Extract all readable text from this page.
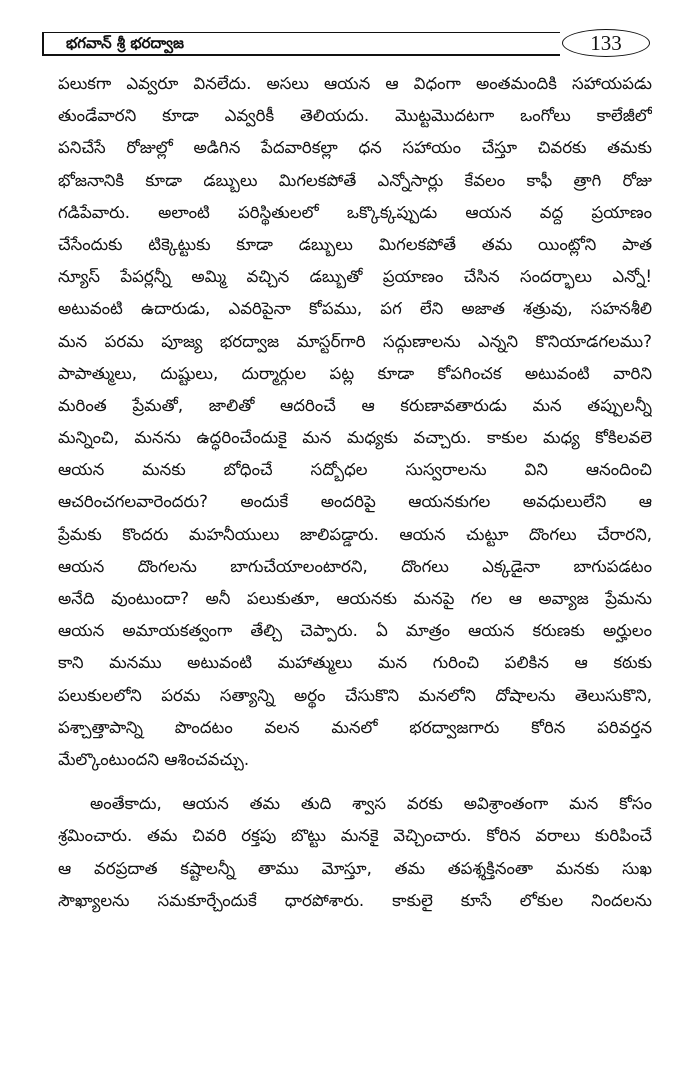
భగవాన్ శ్రీ భరద్వాజ	133
పలుకగా ఎవ్వరూ వినలేదు. అసలు ఆయన ఆ విధంగా అంతమందికి సహాయపడు
తుండేవారని కూడా ఎవ్వరికీ తెలియదు. మొట్టమొదటగా ఒంగోలు కాలేజీలో
పనిచేసే రోజుల్లో అడిగిన పేదవారికల్లా ధన సహాయం చేస్తూ చివరకు తమకు
భోజనానికి కూడా డబ్బులు మిగలకపోతే ఎన్నోసార్లు కేవలం కాఫీ త్రాగి రోజు
గడిపేవారు. అలాంటి పరిస్థితులలో ఒక్కొక్కప్పుడు ఆయన వద్ద ప్రయాణం
చేసేందుకు టిక్కెట్టుకు కూడా డబ్బులు మిగలకపోతే తమ యింట్లోని పాత
న్యూస్ పేపర్లన్నీ అమ్మి వచ్చిన డబ్బుతో ప్రయాణం చేసిన సందర్భాలు ఎన్నో!
అటువంటి ఉదారుడు, ఎవరిపైనా కోపము, పగ లేని అజాత శత్రువు, సహనశీలి
మన పరమ పూజ్య భరద్వాజ మాస్టర్‌గారి సద్గుణాలను ఎన్నని కొనియాడగలము?
పాపాత్ములు, దుష్టులు, దుర్మార్గుల పట్ల కూడా కోపగించక అటువంటి వారిని
మరింత ప్రేమతో, జాలితో ఆదరించే ఆ కరుణావతారుడు మన తప్పులన్నీ
మన్నించి, మనను ఉద్ధరించేందుకై మన మధ్యకు వచ్చారు. కాకుల మధ్య కోకిలవలె
ఆయన మనకు బోధించే సద్బోధల సుస్వరాలను విని ఆనందించి
ఆచరించగలవారెందరు? అందుకే అందరిపై ఆయనకుగల అవధులులేని ఆ
ప్రేమకు కొందరు మహనీయులు జాలిపడ్డారు. ఆయన చుట్టూ దొంగలు చేరారని,
ఆయన దొంగలను బాగుచేయాలంటారని, దొంగలు ఎక్కడైనా బాగుపడటం
అనేది వుంటుందా? అనీ పలుకుతూ, ఆయనకు మనపై గల ఆ అవ్యాజ ప్రేమను
ఆయన అమాయకత్వంగా తేల్చి చెప్పారు. ఏ మాత్రం ఆయన కరుణకు అర్హులం
కాని మనము అటువంటి మహాత్ములు మన గురించి పలికిన ఆ కఠుకు
పలుకులలోని పరమ సత్యాన్ని అర్థం చేసుకొని మనలోని దోషాలను తెలుసుకొని,
పశ్చాత్తాపాన్ని పొందటం వలన మనలో భరద్వాజగారు కోరిన పరివర్తన
మేల్కొంటుందని ఆశించవచ్చు.
అంతేకాదు, ఆయన తమ తుది శ్వాస వరకు అవిశ్రాంతంగా మన కోసం
శ్రమించారు. తమ చివరి రక్తపు బొట్టు మనకై వెచ్చించారు. కోరిన వరాలు కురిపించే
ఆ వరప్రదాత కష్టాలన్నీ తాము మోస్తూ, తమ తపశ్శక్తినంతా మనకు సుఖ
సౌఖ్యాలను సమకూర్చేందుకే ధారపోశారు. కాకులై కూసే లోకుల నిందలను
